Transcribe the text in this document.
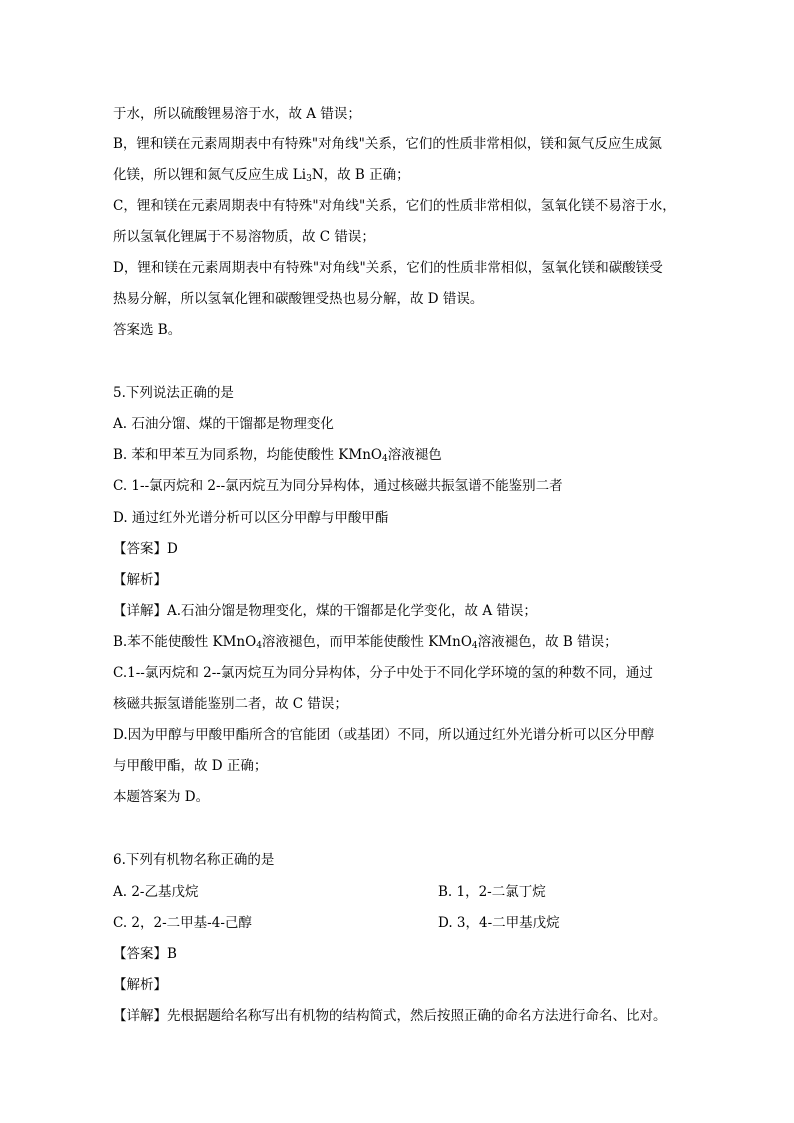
于水，所以硫酸锂易溶于水，故 A 错误；
B，锂和镁在元素周期表中有特殊"对角线"关系，它们的性质非常相似，镁和氮气反应生成氮
化镁，所以锂和氮气反应生成 $Li_3N$，故 B 正确；
C，锂和镁在元素周期表中有特殊"对角线"关系，它们的性质非常相似，氢氧化镁不易溶于水，
所以氢氧化锂属于不易溶物质，故 C 错误；
D，锂和镁在元素周期表中有特殊"对角线"关系，它们的性质非常相似，氢氧化镁和碳酸镁受
热易分解，所以氢氧化锂和碳酸锂受热也易分解，故 D 错误。
答案选 B。
5.下列说法正确的是
A. 石油分馏、煤的干馏都是物理变化
B. 苯和甲苯互为同系物，均能使酸性 KMnO$_4$溶液褪色
C. 1--氯丙烷和 2--氯丙烷互为同分异构体，通过核磁共振氢谱不能鉴别二者
D. 通过红外光谱分析可以区分甲醇与甲酸甲酯
【答案】D
【解析】
【详解】A.石油分馏是物理变化，煤的干馏都是化学变化，故 A 错误；
B.苯不能使酸性 KMnO$_4$溶液褪色，而甲苯能使酸性 KMnO$_4$溶液褪色，故 B 错误；
C.1--氯丙烷和 2--氯丙烷互为同分异构体，分子中处于不同化学环境的氢的种数不同，通过
核磁共振氢谱能鉴别二者，故 C 错误；
D.因为甲醇与甲酸甲酯所含的官能团（或基团）不同，所以通过红外光谱分析可以区分甲醇
与甲酸甲酯，故 D 正确；
本题答案为 D。
6.下列有机物名称正确的是
A. 2-乙基戊烷	B. 1，2-二氯丁烷
C. 2，2-二甲基-4-己醇	D. 3，4-二甲基戊烷
【答案】B
【解析】
【详解】先根据题给名称写出有机物的结构简式，然后按照正确的命名方法进行命名、比对。
